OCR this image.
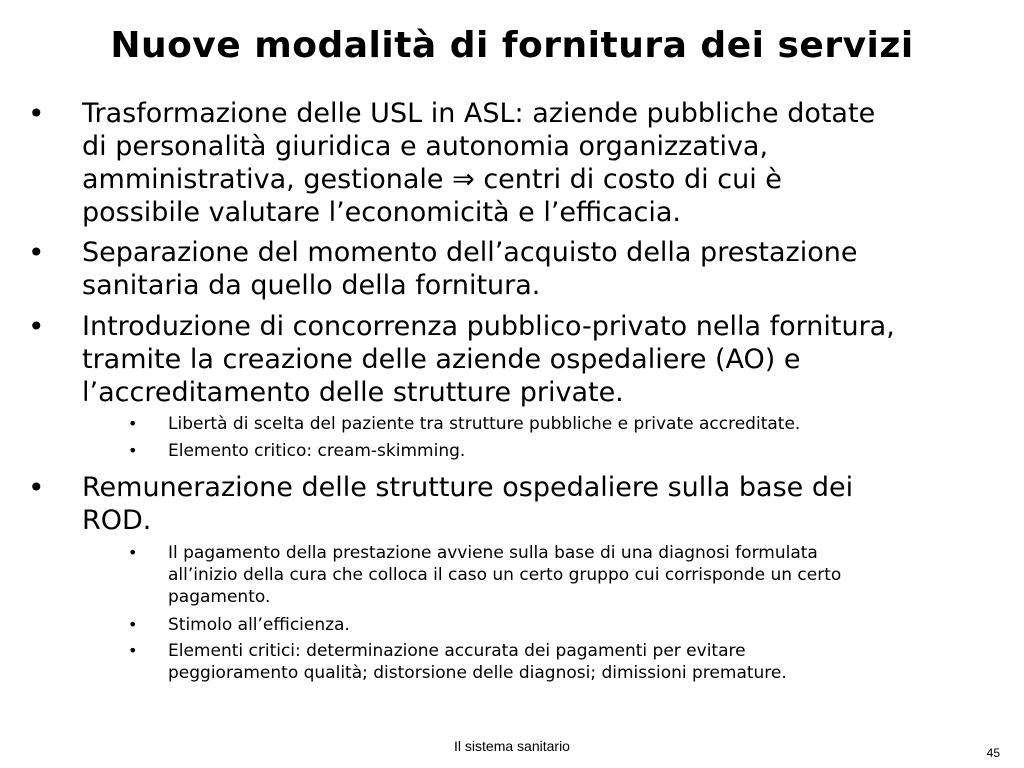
Nuove modalità di fornitura dei servizi
• Trasformazione delle USL in ASL: aziende pubbliche dotate
di personalità giuridica e autonomia organizzativa,
amministrativa, gestionale ⇒ centri di costo di cui è
possibile valutare l’economicità e l’efficacia.
• Separazione del momento dell’acquisto della prestazione
sanitaria da quello della fornitura.
• Introduzione di concorrenza pubblico-privato nella fornitura,
tramite la creazione delle aziende ospedaliere (AO) e
l’accreditamento delle strutture private.
• Libertà di scelta del paziente tra strutture pubbliche e private accreditate.
• Elemento critico: cream-skimming.
• Remunerazione delle strutture ospedaliere sulla base dei
ROD.
• Il pagamento della prestazione avviene sulla base di una diagnosi formulata
all’inizio della cura che colloca il caso un certo gruppo cui corrisponde un certo
pagamento.
• Stimolo all’efficienza.
• Elementi critici: determinazione accurata dei pagamenti per evitare
peggioramento qualità; distorsione delle diagnosi; dimissioni premature.
Il sistema sanitario	45
